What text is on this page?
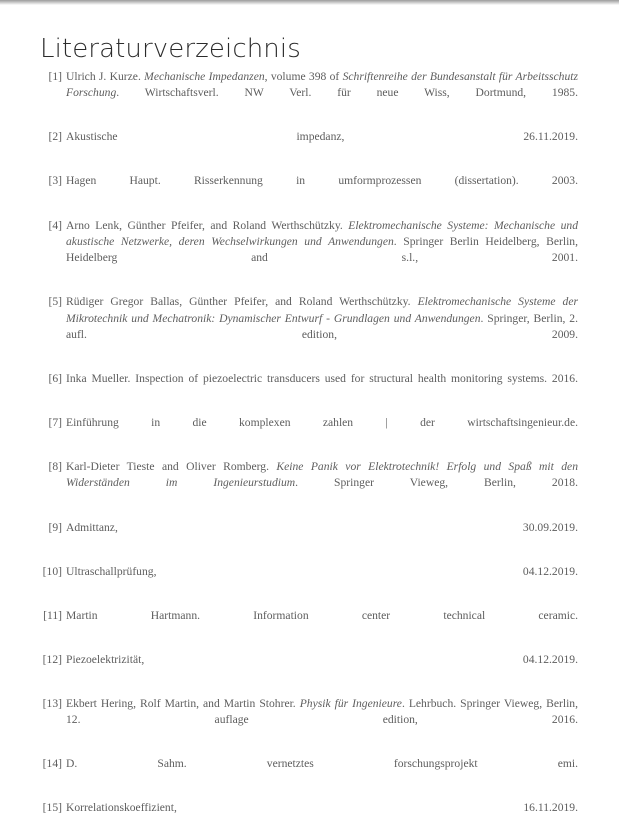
Literaturverzeichnis
[1] Ulrich J. Kurze. Mechanische Impedanzen, volume 398 of Schriftenreihe der Bundesanstalt für Arbeitsschutz Forschung. Wirtschaftsverl. NW Verl. für neue Wiss, Dortmund, 1985.
[2] Akustische impedanz, 26.11.2019.
[3] Hagen Haupt. Risserkennung in umformprozessen (dissertation). 2003.
[4] Arno Lenk, Günther Pfeifer, and Roland Werthschützky. Elektromechanische Systeme: Mechanische und akustische Netzwerke, deren Wechselwirkungen und Anwendungen. Springer Berlin Heidelberg, Berlin, Heidelberg and s.l., 2001.
[5] Rüdiger Gregor Ballas, Günther Pfeifer, and Roland Werthschützky. Elektromechanische Systeme der Mikrotechnik und Mechatronik: Dynamischer Entwurf - Grundlagen und Anwendungen. Springer, Berlin, 2. aufl. edition, 2009.
[6] Inka Mueller. Inspection of piezoelectric transducers used for structural health monitoring systems. 2016.
[7] Einführung in die komplexen zahlen | der wirtschaftsingenieur.de.
[8] Karl-Dieter Tieste and Oliver Romberg. Keine Panik vor Elektrotechnik! Erfolg und Spaß mit den Widerständen im Ingenieurstudium. Springer Vieweg, Berlin, 2018.
[9] Admittanz, 30.09.2019.
[10] Ultraschallprüfung, 04.12.2019.
[11] Martin Hartmann. Information center technical ceramic.
[12] Piezoelektrizität, 04.12.2019.
[13] Ekbert Hering, Rolf Martin, and Martin Stohrer. Physik für Ingenieure. Lehrbuch. Springer Vieweg, Berlin, 12. auflage edition, 2016.
[14] D. Sahm. vernetztes forschungsprojekt emi.
[15] Korrelationskoeffizient, 16.11.2019.
